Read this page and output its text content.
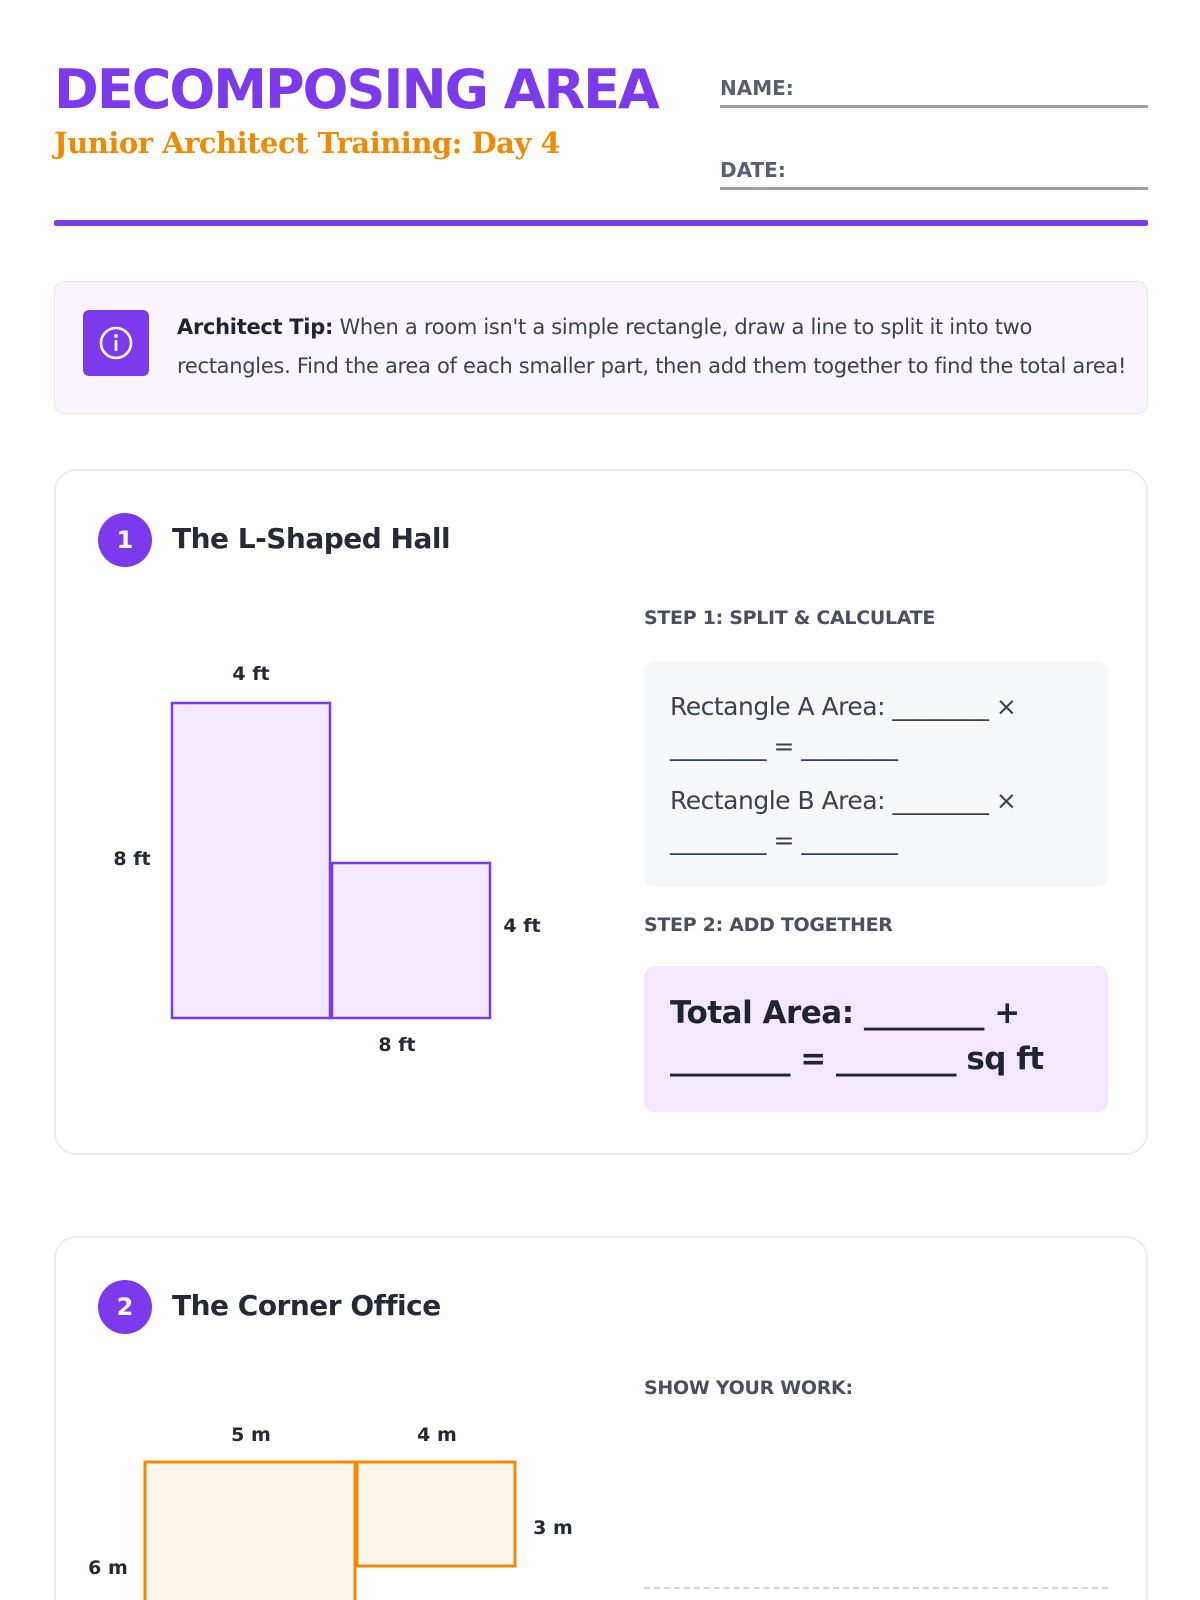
DECOMPOSING AREA
Junior Architect Training: Day 4
NAME:
DATE:
Architect Tip: When a room isn't a simple rectangle, draw a line to split it into two rectangles. Find the area of each smaller part, then add them together to find the total area!
1	The L-Shaped Hall
4 ft
8 ft
4 ft
8 ft
STEP 1: SPLIT & CALCULATE
Rectangle A Area: ________ × ________ = ________
Rectangle B Area: ________ × ________ = ________
STEP 2: ADD TOGETHER
Total Area: ________ + ________ = ________ sq ft
2	The Corner Office
5 m	4 m
3 m
6 m
SHOW YOUR WORK:
